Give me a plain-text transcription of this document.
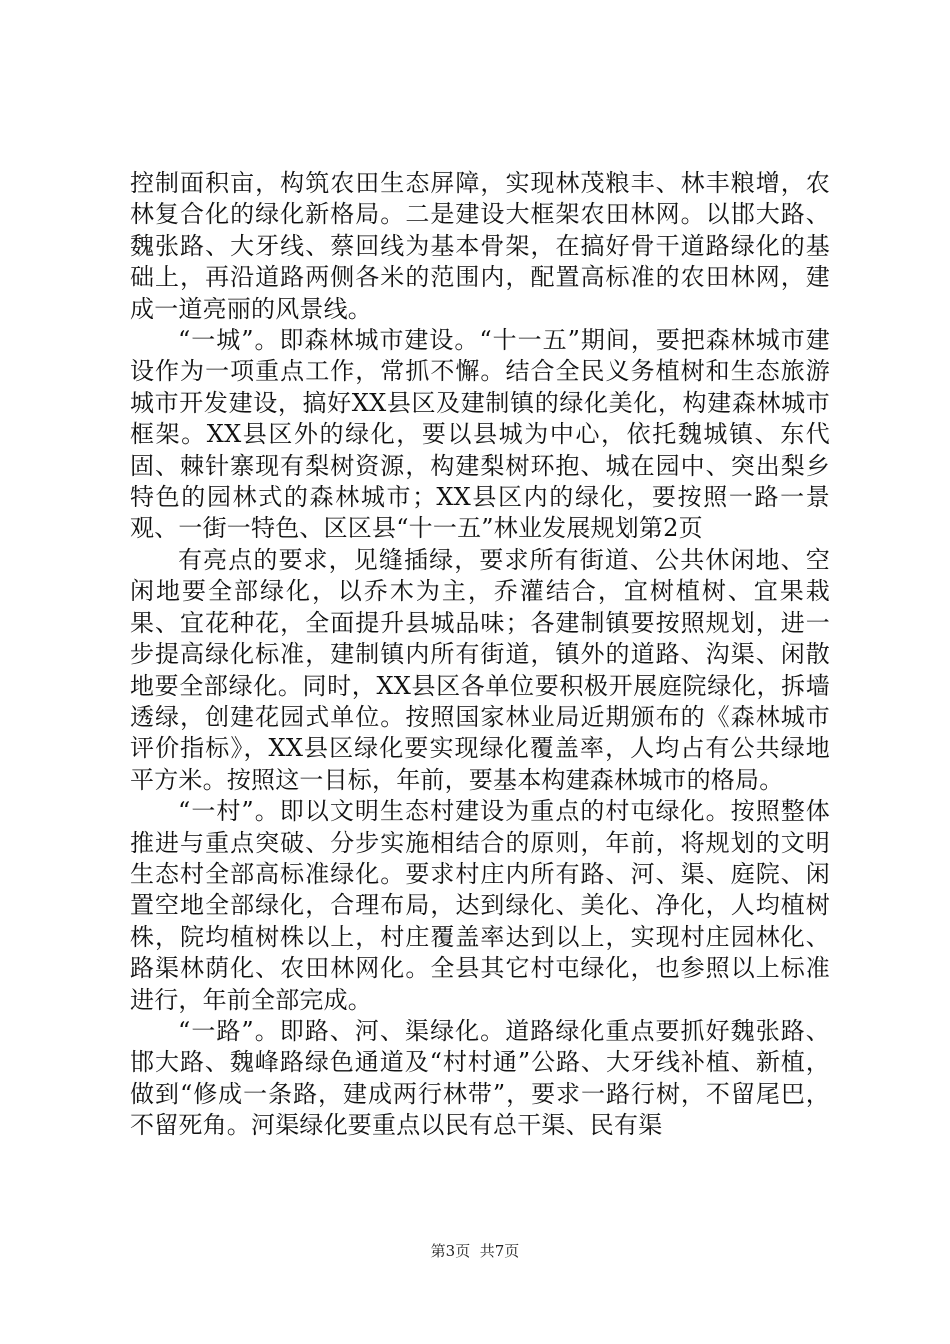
控制面积亩，构筑农田生态屏障，实现林茂粮丰、林丰粮增，农林复合化的绿化新格局。二是建设大框架农田林网。以邯大路、魏张路、大牙线、蔡回线为基本骨架，在搞好骨干道路绿化的基础上，再沿道路两侧各米的范围内，配置高标准的农田林网，建成一道亮丽的风景线。

“一城”。即森林城市建设。“十一五”期间，要把森林城市建设作为一项重点工作，常抓不懈。结合全民义务植树和生态旅游城市开发建设，搞好XX县区及建制镇的绿化美化，构建森林城市框架。XX县区外的绿化，要以县城为中心，依托魏城镇、东代固、棘针寨现有梨树资源，构建梨树环抱、城在园中、突出梨乡特色的园林式的森林城市；XX县区内的绿化，要按照一路一景观、一街一特色、区区县“十一五”林业发展规划第2页

有亮点的要求，见缝插绿，要求所有街道、公共休闲地、空闲地要全部绿化，以乔木为主，乔灌结合，宜树植树、宜果栽果、宜花种花，全面提升县城品味；各建制镇要按照规划，进一步提高绿化标准，建制镇内所有街道，镇外的道路、沟渠、闲散地要全部绿化。同时，XX县区各单位要积极开展庭院绿化，拆墙透绿，创建花园式单位。按照国家林业局近期颁布的《森林城市评价指标》，XX县区绿化要实现绿化覆盖率，人均占有公共绿地平方米。按照这一目标，年前，要基本构建森林城市的格局。

“一村”。即以文明生态村建设为重点的村屯绿化。按照整体推进与重点突破、分步实施相结合的原则，年前，将规划的文明生态村全部高标准绿化。要求村庄内所有路、河、渠、庭院、闲置空地全部绿化，合理布局，达到绿化、美化、净化，人均植树株，院均植树株以上，村庄覆盖率达到以上，实现村庄园林化、路渠林荫化、农田林网化。全县其它村屯绿化，也参照以上标准进行，年前全部完成。

“一路”。即路、河、渠绿化。道路绿化重点要抓好魏张路、邯大路、魏峰路绿色通道及“村村通”公路、大牙线补植、新植，做到“修成一条路，建成两行林带”，要求一路行树，不留尾巴，不留死角。河渠绿化要重点以民有总干渠、民有渠

第3页 共7页
